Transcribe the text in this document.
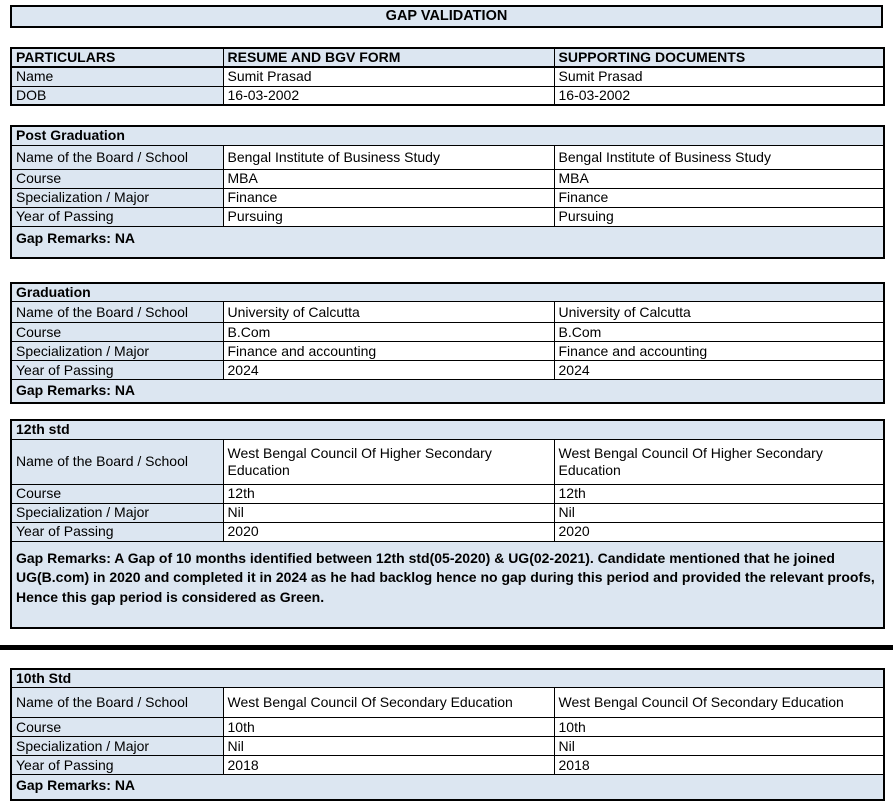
GAP VALIDATION
PARTICULARS	RESUME AND BGV FORM	SUPPORTING DOCUMENTS
Name	Sumit Prasad	Sumit Prasad
DOB	16-03-2002	16-03-2002
Post Graduation		
Name of the Board / School	Bengal Institute of Business Study	Bengal Institute of Business Study
Course	MBA	MBA
Specialization / Major	Finance	Finance
Year of Passing	Pursuing	Pursuing
Gap Remarks: NA		
Graduation		
Name of the Board / School	University of Calcutta	University of Calcutta
Course	B.Com	B.Com
Specialization / Major	Finance and accounting	Finance and accounting
Year of Passing	2024	2024
Gap Remarks: NA		
12th std		
Name of the Board / School	West Bengal Council Of Higher Secondary Education	West Bengal Council Of Higher Secondary Education
Course	12th	12th
Specialization / Major	Nil	Nil
Year of Passing	2020	2020
Gap Remarks: A Gap of 10 months identified between 12th std(05-2020) & UG(02-2021). Candidate mentioned that he joined UG(B.com) in 2020 and completed it in 2024 as he had backlog hence no gap during this period and provided the relevant proofs, Hence this gap period is considered as Green.		
10th Std		
Name of the Board / School	West Bengal Council Of Secondary Education	West Bengal Council Of Secondary Education
Course	10th	10th
Specialization / Major	Nil	Nil
Year of Passing	2018	2018
Gap Remarks: NA		
